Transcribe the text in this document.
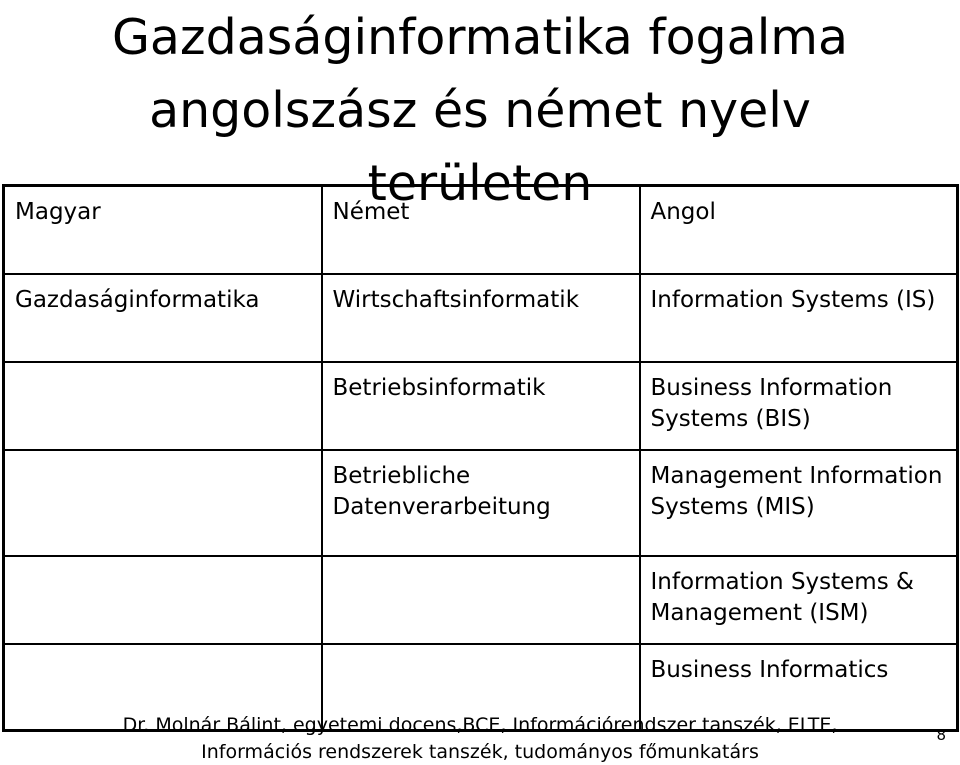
Gazdaságinformatika fogalma
angolszász és német nyelv
területen
Magyar	Német	Angol
Gazdaságinformatika	Wirtschaftsinformatik	Information Systems (IS)
	Betriebsinformatik	Business Information Systems (BIS)
	Betriebliche Datenverarbeitung	Management Information Systems (MIS)
		Information Systems & Management (ISM)
		Business Informatics
Dr. Molnár Bálint, egyetemi docens,BCE, Információrendszer tanszék, ELTE,
Információs rendszerek tanszék, tudományos főmunkatárs
8
